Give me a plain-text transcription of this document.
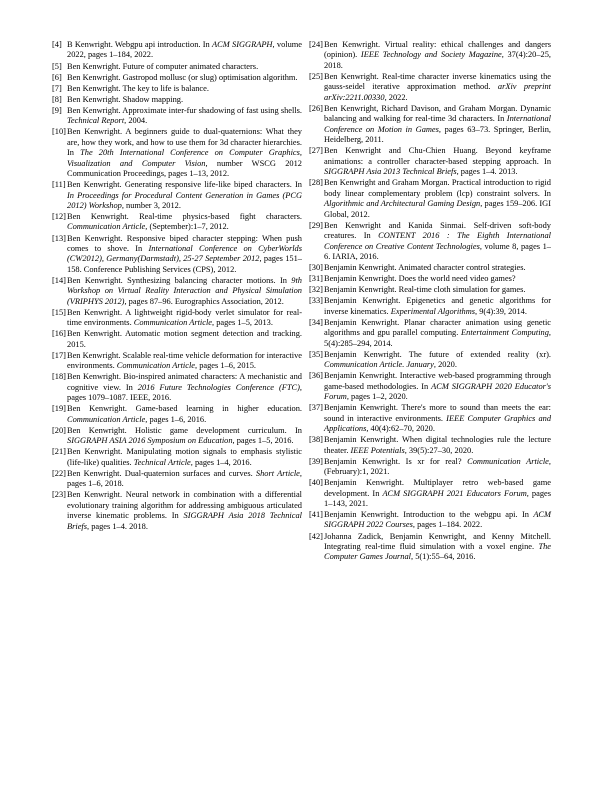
[4] B Kenwright. Webgpu api introduction. In ACM SIGGRAPH, volume 2022, pages 1–184, 2022.
[5] Ben Kenwright. Future of computer animated characters.
[6] Ben Kenwright. Gastropod mollusc (or slug) optimisation algorithm.
[7] Ben Kenwright. The key to life is balance.
[8] Ben Kenwright. Shadow mapping.
[9] Ben Kenwright. Approximate inter-fur shadowing of fast using shells. Technical Report, 2004.
[10] Ben Kenwright. A beginners guide to dual-quaternions: What they are, how they work, and how to use them for 3d character hierarchies. In The 20th International Conference on Computer Graphics, Visualization and Computer Vision, number WSCG 2012 Communication Proceedings, pages 1–13, 2012.
[11] Ben Kenwright. Generating responsive life-like biped characters. In In Proceedings for Procedural Content Generation in Games (PCG 2012) Workshop, number 3, 2012.
[12] Ben Kenwright. Real-time physics-based fight characters. Communication Article, (September):1–7, 2012.
[13] Ben Kenwright. Responsive biped character stepping: When push comes to shove. In International Conference on CyberWorlds (CW2012), Germany(Darmstadt), 25-27 September 2012, pages 151–158. Conference Publishing Services (CPS), 2012.
[14] Ben Kenwright. Synthesizing balancing character motions. In 9th Workshop on Virtual Reality Interaction and Physical Simulation (VRIPHYS 2012), pages 87–96. Eurographics Association, 2012.
[15] Ben Kenwright. A lightweight rigid-body verlet simulator for real-time environments. Communication Article, pages 1–5, 2013.
[16] Ben Kenwright. Automatic motion segment detection and tracking. 2015.
[17] Ben Kenwright. Scalable real-time vehicle deformation for interactive environments. Communication Article, pages 1–6, 2015.
[18] Ben Kenwright. Bio-inspired animated characters: A mechanistic and cognitive view. In 2016 Future Technologies Conference (FTC), pages 1079–1087. IEEE, 2016.
[19] Ben Kenwright. Game-based learning in higher education. Communication Article, pages 1–6, 2016.
[20] Ben Kenwright. Holistic game development curriculum. In SIGGRAPH ASIA 2016 Symposium on Education, pages 1–5, 2016.
[21] Ben Kenwright. Manipulating motion signals to emphasis stylistic (life-like) qualities. Technical Article, pages 1–4, 2016.
[22] Ben Kenwright. Dual-quaternion surfaces and curves. Short Article, pages 1–6, 2018.
[23] Ben Kenwright. Neural network in combination with a differential evolutionary training algorithm for addressing ambiguous articulated inverse kinematic problems. In SIGGRAPH Asia 2018 Technical Briefs, pages 1–4. 2018.
[24] Ben Kenwright. Virtual reality: ethical challenges and dangers (opinion). IEEE Technology and Society Magazine, 37(4):20–25, 2018.
[25] Ben Kenwright. Real-time character inverse kinematics using the gauss-seidel iterative approximation method. arXiv preprint arXiv:2211.00330, 2022.
[26] Ben Kenwright, Richard Davison, and Graham Morgan. Dynamic balancing and walking for real-time 3d characters. In International Conference on Motion in Games, pages 63–73. Springer, Berlin, Heidelberg, 2011.
[27] Ben Kenwright and Chu-Chien Huang. Beyond keyframe animations: a controller character-based stepping approach. In SIGGRAPH Asia 2013 Technical Briefs, pages 1–4. 2013.
[28] Ben Kenwright and Graham Morgan. Practical introduction to rigid body linear complementary problem (lcp) constraint solvers. In Algorithmic and Architectural Gaming Design, pages 159–206. IGI Global, 2012.
[29] Ben Kenwright and Kanida Sinmai. Self-driven soft-body creatures. In CONTENT 2016 : The Eighth International Conference on Creative Content Technologies, volume 8, pages 1–6. IARIA, 2016.
[30] Benjamin Kenwright. Animated character control strategies.
[31] Benjamin Kenwright. Does the world need video games?
[32] Benjamin Kenwright. Real-time cloth simulation for games.
[33] Benjamin Kenwright. Epigenetics and genetic algorithms for inverse kinematics. Experimental Algorithms, 9(4):39, 2014.
[34] Benjamin Kenwright. Planar character animation using genetic algorithms and gpu parallel computing. Entertainment Computing, 5(4):285–294, 2014.
[35] Benjamin Kenwright. The future of extended reality (xr). Communication Article. January, 2020.
[36] Benjamin Kenwright. Interactive web-based programming through game-based methodologies. In ACM SIGGRAPH 2020 Educator's Forum, pages 1–2, 2020.
[37] Benjamin Kenwright. There's more to sound than meets the ear: sound in interactive environments. IEEE Computer Graphics and Applications, 40(4):62–70, 2020.
[38] Benjamin Kenwright. When digital technologies rule the lecture theater. IEEE Potentials, 39(5):27–30, 2020.
[39] Benjamin Kenwright. Is xr for real? Communication Article, (February):1, 2021.
[40] Benjamin Kenwright. Multiplayer retro web-based game development. In ACM SIGGRAPH 2021 Educators Forum, pages 1–143, 2021.
[41] Benjamin Kenwright. Introduction to the webgpu api. In ACM SIGGRAPH 2022 Courses, pages 1–184. 2022.
[42] Johanna Zadick, Benjamin Kenwright, and Kenny Mitchell. Integrating real-time fluid simulation with a voxel engine. The Computer Games Journal, 5(1):55–64, 2016.
